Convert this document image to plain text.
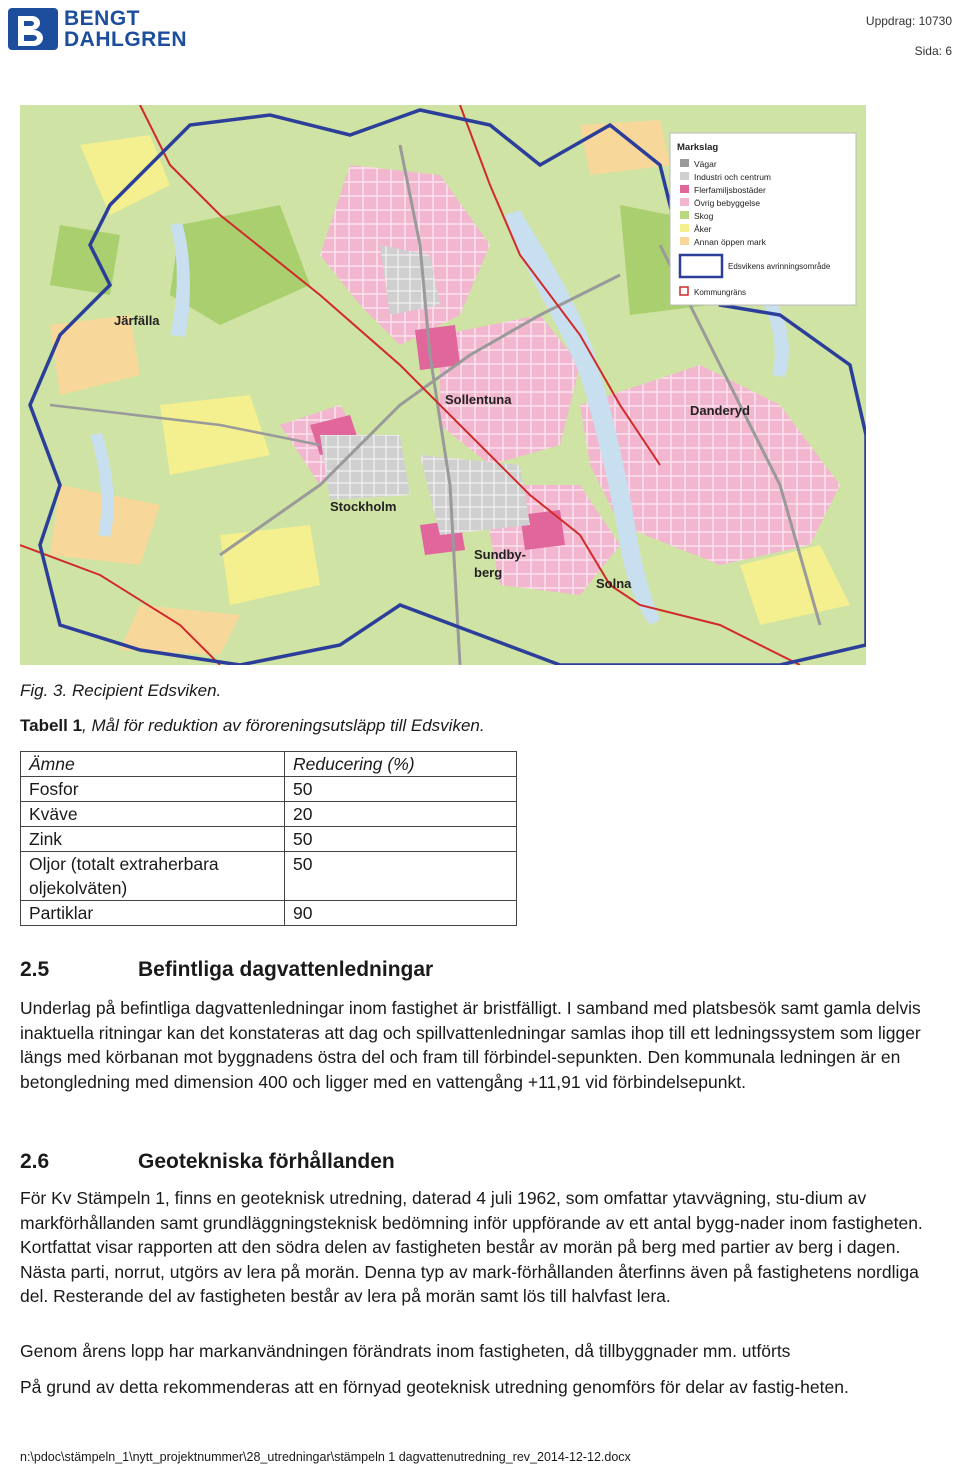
BENGT
DAHLGREN
Uppdrag: 10730
Sida: 6
Järfälla
Sollentuna
Danderyd
Stockholm
Sundby-
berg
Solna
Markslag
Vägar
Industri och centrum
Flerfamiljsbostäder
Övrig bebyggelse
Skog
Åker
Annan öppen mark
Edsvikens avrinningsområde
Kommungräns
Fig. 3. Recipient Edsviken.
Tabell 1, Mål för reduktion av föroreningsutsläpp till Edsviken.
Ämne	Reducering (%)
Fosfor	50
Kväve	20
Zink	50
Oljor (totalt extraherbara oljekolväten)	50
Partiklar	90
2.5	Befintliga dagvattenledningar

Underlag på befintliga dagvattenledningar inom fastighet är bristfälligt. I samband med platsbesök samt gamla delvis inaktuella ritningar kan det konstateras att dag och spillvattenledningar samlas ihop till ett ledningssystem som ligger längs med körbanan mot byggnadens östra del och fram till förbindel-sepunkten. Den kommunala ledningen är en betongledning med dimension 400 och ligger med en vattengång +11,91 vid förbindelsepunkt.

2.6	Geotekniska förhållanden

För Kv Stämpeln 1, finns en geoteknisk utredning, daterad 4 juli 1962, som omfattar ytavvägning, stu-dium av markförhållanden samt grundläggningsteknisk bedömning inför uppförande av ett antal bygg-nader inom fastigheten. Kortfattat visar rapporten att den södra delen av fastigheten består av morän på berg med partier av berg i dagen. Nästa parti, norrut, utgörs av lera på morän. Denna typ av mark-förhållanden återfinns även på fastighetens nordliga del. Resterande del av fastigheten består av lera på morän samt lös till halvfast lera.

Genom årens lopp har markanvändningen förändrats inom fastigheten, då tillbyggnader mm. utförts

På grund av detta rekommenderas att en förnyad geoteknisk utredning genomförs för delar av fastig-heten.

n:\pdoc\stämpeln_1\nytt_projektnummer\28_utredningar\stämpeln 1 dagvattenutredning_rev_2014-12-12.docx
